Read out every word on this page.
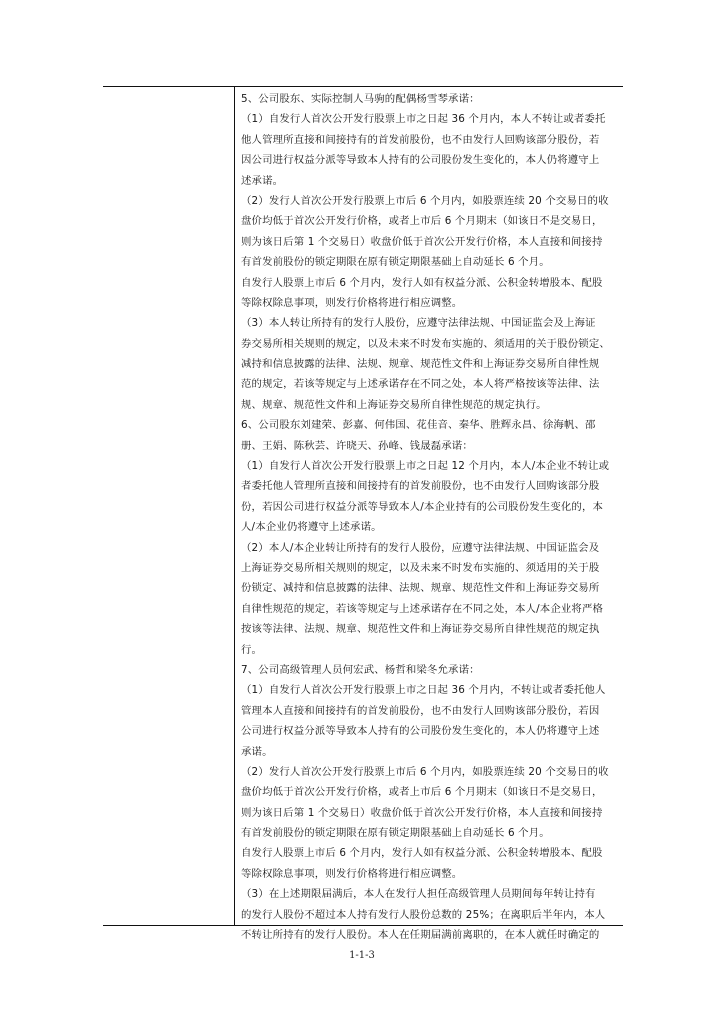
5、公司股东、实际控制人马驹的配偶杨雪琴承诺：
（1）自发行人首次公开发行股票上市之日起 36 个月内，本人不转让或者委托
他人管理所直接和间接持有的首发前股份，也不由发行人回购该部分股份，若
因公司进行权益分派等导致本人持有的公司股份发生变化的，本人仍将遵守上
述承诺。
（2）发行人首次公开发行股票上市后 6 个月内，如股票连续 20 个交易日的收
盘价均低于首次公开发行价格，或者上市后 6 个月期末（如该日不是交易日，
则为该日后第 1 个交易日）收盘价低于首次公开发行价格，本人直接和间接持
有首发前股份的锁定期限在原有锁定期限基础上自动延长 6 个月。
自发行人股票上市后 6 个月内，发行人如有权益分派、公积金转增股本、配股
等除权除息事项，则发行价格将进行相应调整。
（3）本人转让所持有的发行人股份，应遵守法律法规、中国证监会及上海证
券交易所相关规则的规定，以及未来不时发布实施的、须适用的关于股份锁定、
减持和信息披露的法律、法规、规章、规范性文件和上海证券交易所自律性规
范的规定，若该等规定与上述承诺存在不同之处，本人将严格按该等法律、法
规、规章、规范性文件和上海证券交易所自律性规范的规定执行。
6、公司股东刘建荣、彭嘉、何伟国、花佳音、秦华、胜辉永昌、徐海帆、邵
册、王娟、陈秋芸、许晓天、孙峰、钱晟磊承诺：
（1）自发行人首次公开发行股票上市之日起 12 个月内，本人/本企业不转让或
者委托他人管理所直接和间接持有的首发前股份，也不由发行人回购该部分股
份，若因公司进行权益分派等导致本人/本企业持有的公司股份发生变化的，本
人/本企业仍将遵守上述承诺。
（2）本人/本企业转让所持有的发行人股份，应遵守法律法规、中国证监会及
上海证券交易所相关规则的规定，以及未来不时发布实施的、须适用的关于股
份锁定、减持和信息披露的法律、法规、规章、规范性文件和上海证券交易所
自律性规范的规定，若该等规定与上述承诺存在不同之处，本人/本企业将严格
按该等法律、法规、规章、规范性文件和上海证券交易所自律性规范的规定执
行。
7、公司高级管理人员何宏武、杨哲和梁冬允承诺：
（1）自发行人首次公开发行股票上市之日起 36 个月内，不转让或者委托他人
管理本人直接和间接持有的首发前股份，也不由发行人回购该部分股份，若因
公司进行权益分派等导致本人持有的公司股份发生变化的，本人仍将遵守上述
承诺。
（2）发行人首次公开发行股票上市后 6 个月内，如股票连续 20 个交易日的收
盘价均低于首次公开发行价格，或者上市后 6 个月期末（如该日不是交易日，
则为该日后第 1 个交易日）收盘价低于首次公开发行价格，本人直接和间接持
有首发前股份的锁定期限在原有锁定期限基础上自动延长 6 个月。
自发行人股票上市后 6 个月内，发行人如有权益分派、公积金转增股本、配股
等除权除息事项，则发行价格将进行相应调整。
（3）在上述期限届满后，本人在发行人担任高级管理人员期间每年转让持有
的发行人股份不超过本人持有发行人股份总数的 25%；在离职后半年内，本人
不转让所持有的发行人股份。本人在任期届满前离职的，在本人就任时确定的
1-1-3
